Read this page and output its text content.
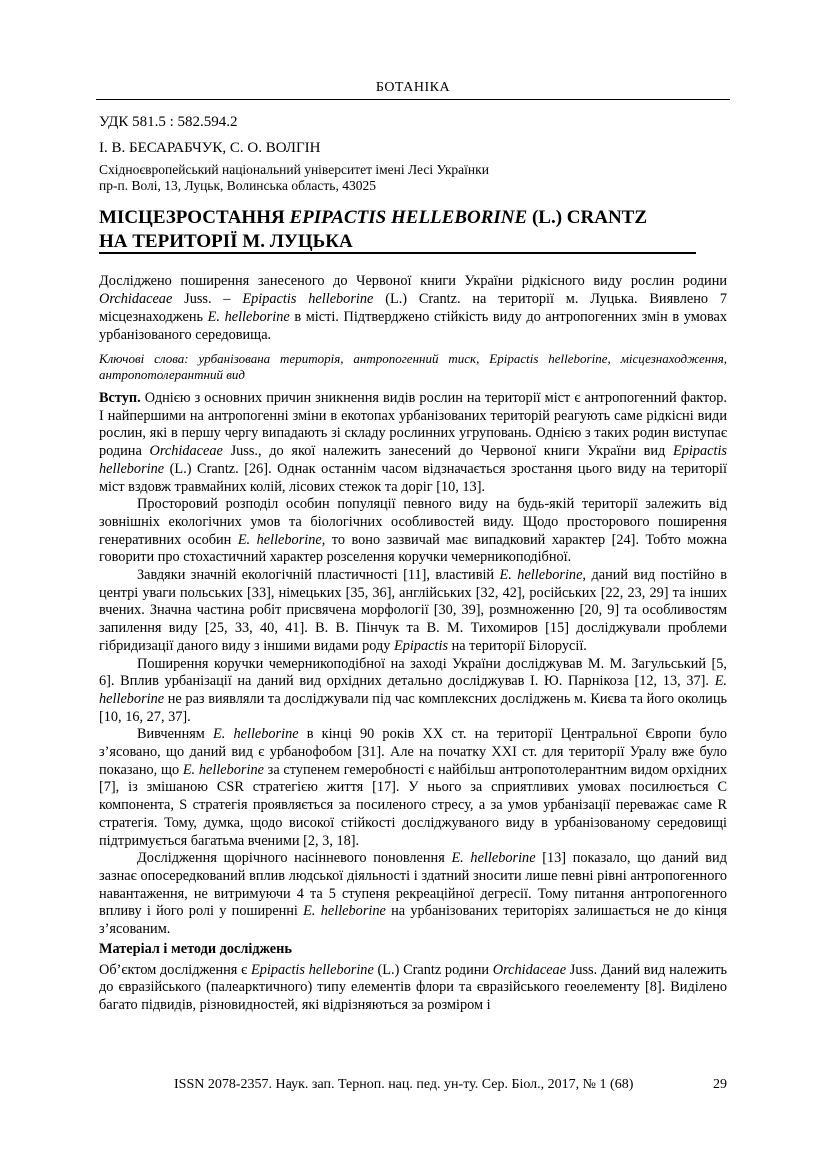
БОТАНІКА
УДК 581.5 : 582.594.2
І. В. БЕСАРАБЧУК, С. О. ВОЛГІН
Східноєвропейський національний університет імені Лесі Українки
пр-п. Волі, 13, Луцьк, Волинська область, 43025
МІСЦЕЗРОСТАННЯ EPIPACTIS HELLEBORINE (L.) CRANTZ
НА ТЕРИТОРІЇ М. ЛУЦЬКА
Досліджено поширення занесеного до Червоної книги України рідкісного виду рослин родини Orchidaceae Juss. – Epipactis helleborine (L.) Crantz. на території м. Луцька. Виявлено 7 місцезнаходжень E. helleborine в місті. Підтверджено стійкість виду до антропогенних змін в умовах урбанізованого середовища.
Ключові слова: урбанізована територія, антропогенний тиск, Epipactis helleborine, місцезнаходження, антропотолерантний вид

Вступ. Однією з основних причин зникнення видів рослин на території міст є антропогенний фактор. І найпершими на антропогенні зміни в екотопах урбанізованих територій реагують саме рідкісні види рослин, які в першу чергу випадають зі складу рослинних угруповань. Однією з таких родин виступає родина Orchidaceae Juss., до якої належить занесений до Червоної книги України вид Epipactis helleborine (L.) Crantz. [26]. Однак останнім часом відзначається зростання цього виду на території міст вздовж травмайних колій, лісових стежок та доріг [10, 13].

Просторовий розподіл особин популяції певного виду на будь-якій території залежить від зовнішніх екологічних умов та біологічних особливостей виду. Щодо просторового поширення генеративних особин E. helleborine, то воно зазвичай має випадковий характер [24]. Тобто можна говорити про стохастичний характер розселення коручки чемерникоподібної.

Завдяки значній екологічній пластичності [11], властивій E. helleborine, даний вид постійно в центрі уваги польських [33], німецьких [35, 36], англійських [32, 42], російських [22, 23, 29] та інших вчених. Значна частина робіт присвячена морфології [30, 39], розмноженню [20, 9] та особливостям запилення виду [25, 33, 40, 41]. В. В. Пінчук та В. М. Тихомиров [15] досліджували проблеми гібридизації даного виду з іншими видами роду Epipactis на території Білорусії.

Поширення коручки чемерникоподібної на заході України досліджував М. М. Загульський [5, 6]. Вплив урбанізації на даний вид орхідних детально досліджував І. Ю. Парнікоза [12, 13, 37]. E. helleborine не раз виявляли та досліджували під час комплексних досліджень м. Києва та його околиць [10, 16, 27, 37].

Вивченням E. helleborine в кінці 90 років XX ст. на території Центральної Європи було з’ясовано, що даний вид є урбанофобом [31]. Але на початку XXI ст. для території Уралу вже було показано, що E. helleborine за ступенем гемеробності є найбільш антропотолерантним видом орхідних [7], із змішаною CSR стратегією життя [17]. У нього за сприятливих умовах посилюється C компонента, S стратегія проявляється за посиленого стресу, а за умов урбанізації переважає саме R стратегія. Тому, думка, щодо високої стійкості досліджуваного виду в урбанізованому середовищі підтримується багатьма вченими [2, 3, 18].

Дослідження щорічного насінневого поновлення E. helleborine [13] показало, що даний вид зазнає опосередкований вплив людської діяльності і здатний зносити лише певні рівні антропогенного навантаження, не витримуючи 4 та 5 ступеня рекреаційної дегресії. Тому питання антропогенного впливу і його ролі у поширенні E. helleborine на урбанізованих територіях залишається не до кінця з’ясованим.

Матеріал і методи досліджень

Об’єктом дослідження є Epipactis helleborine (L.) Crantz родини Orchidaceae Juss. Даний вид належить до євразійського (палеарктичного) типу елементів флори та євразійського геоелементу [8]. Виділено багато підвидів, різновидностей, які відрізняються за розміром і

ISSN 2078-2357. Наук. зап. Терноп. нац. пед. ун-ту. Сер. Біол., 2017, № 1 (68)	29
